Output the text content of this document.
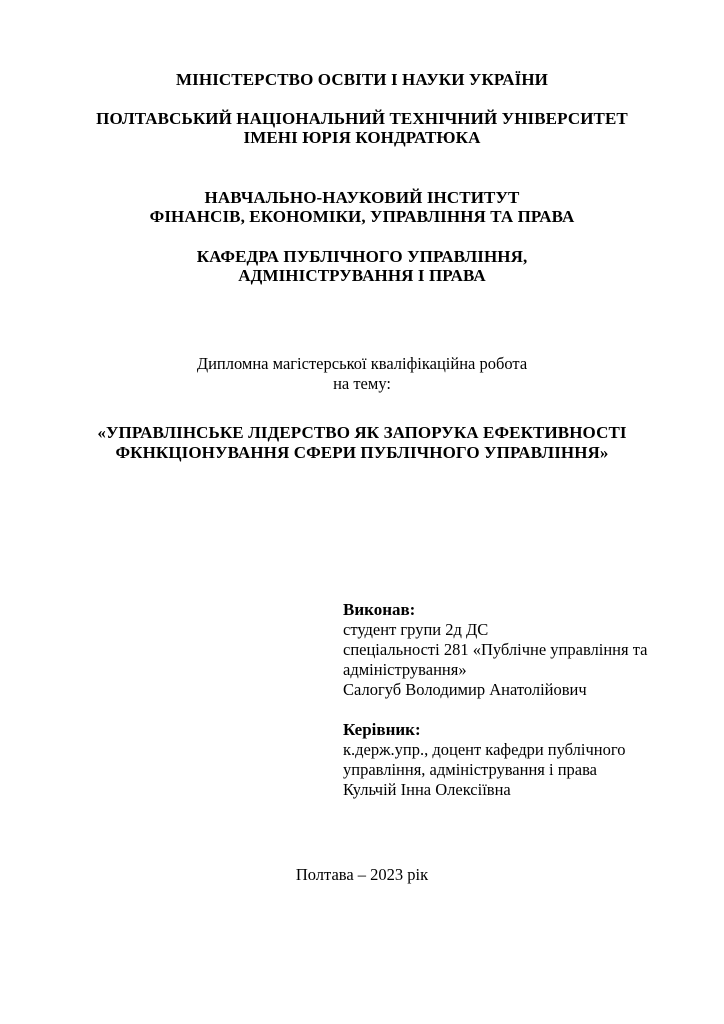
МІНІСТЕРСТВО ОСВІТИ І НАУКИ УКРАЇНИ
ПОЛТАВСЬКИЙ НАЦІОНАЛЬНИЙ ТЕХНІЧНИЙ УНІВЕРСИТЕТ
ІМЕНІ ЮРІЯ КОНДРАТЮКА
НАВЧАЛЬНО-НАУКОВИЙ ІНСТИТУТ
ФІНАНСІВ, ЕКОНОМІКИ, УПРАВЛІННЯ ТА ПРАВА
КАФЕДРА ПУБЛІЧНОГО УПРАВЛІННЯ,
АДМІНІСТРУВАННЯ І ПРАВА
Дипломна магістерської кваліфікаційна робота
на тему:
«УПРАВЛІНСЬКЕ ЛІДЕРСТВО ЯК ЗАПОРУКА ЕФЕКТИВНОСТІ
ФКНКЦІОНУВАННЯ СФЕРИ ПУБЛІЧНОГО УПРАВЛІННЯ»
Виконав:
студент групи 2д ДС
спеціальності 281 «Публічне управління та
адміністрування»
Салогуб Володимир Анатолійович
Керівник:
к.держ.упр., доцент кафедри публічного
управління, адміністрування і права
Кульчій Інна Олексіївна
Полтава – 2023 рік
